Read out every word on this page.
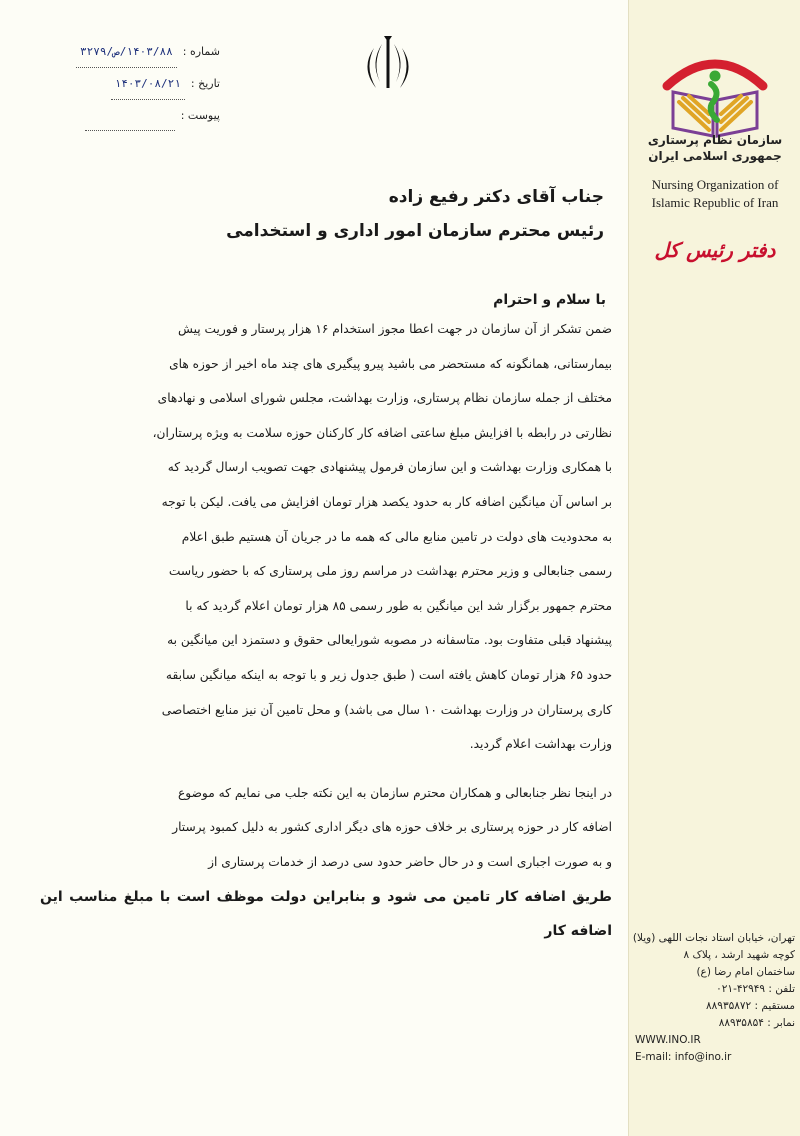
سازمان نظام پرستاری
جمهوری اسلامی ایران
Nursing Organization of
Islamic Republic of Iran
دفتر رئیس کل
تهران، خیابان استاد نجات اللهی (ویلا)
کوچه شهید ارشد ، پلاک ۸
ساختمان امام رضا (ع)
تلفن : ۴۲۹۴۹-۰۲۱
مستقیم : ۸۸۹۳۵۸۷۲
نمابر : ۸۸۹۳۵۸۵۴
WWW.INO.IR
E-mail: info@ino.ir
شماره :
۱۴۰۳/۸۸/ص/۳۲۷۹
تاریخ :
۱۴۰۳/۰۸/۲۱
پیوست :

جناب آقای دکتر رفیع زاده

رئیس محترم سازمان امور اداری و استخدامی

با سلام و احترام
ضمن تشکر از آن سازمان در جهت اعطا مجوز استخدام ۱۶ هزار پرستار و فوریت پیش
بیمارستانی، همانگونه که مستحضر می باشید پیرو پیگیری های چند ماه اخیر از حوزه های
مختلف از جمله سازمان نظام پرستاری، وزارت بهداشت، مجلس شورای اسلامی و نهادهای
نظارتی در رابطه با افزایش مبلغ ساعتی اضافه کار کارکنان حوزه سلامت به ویژه پرستاران،
با همکاری وزارت بهداشت و این سازمان فرمول پیشنهادی جهت تصویب ارسال گردید که
بر اساس آن میانگین اضافه کار به حدود یکصد هزار تومان افزایش می یافت. لیکن با توجه
به محدودیت های دولت در تامین منابع مالی که همه ما در جریان آن هستیم طبق اعلام
رسمی جنابعالی و وزیر محترم بهداشت در مراسم روز ملی پرستاری که با حضور ریاست
محترم جمهور برگزار شد این میانگین به طور رسمی ۸۵ هزار تومان اعلام گردید که با
پیشنهاد قبلی متفاوت بود. متاسفانه در مصوبه شورایعالی حقوق و دستمزد این میانگین به
حدود ۶۵ هزار تومان کاهش یافته است ( طبق جدول زیر و با توجه به اینکه میانگین سابقه
کاری پرستاران در وزارت بهداشت ۱۰ سال می باشد) و محل تامین آن نیز منابع اختصاصی
وزارت بهداشت اعلام گردید.
در اینجا نظر جنابعالی و همکاران محترم سازمان به این نکته جلب می نمایم که موضوع
اضافه کار در حوزه پرستاری بر خلاف حوزه های دیگر اداری کشور به دلیل کمبود پرستار
و به صورت اجباری است و در حال حاضر حدود سی درصد از خدمات پرستاری از
طریق اضافه کار تامین می شود و بنابراین دولت موظف است با مبلغ مناسب این اضافه کار
